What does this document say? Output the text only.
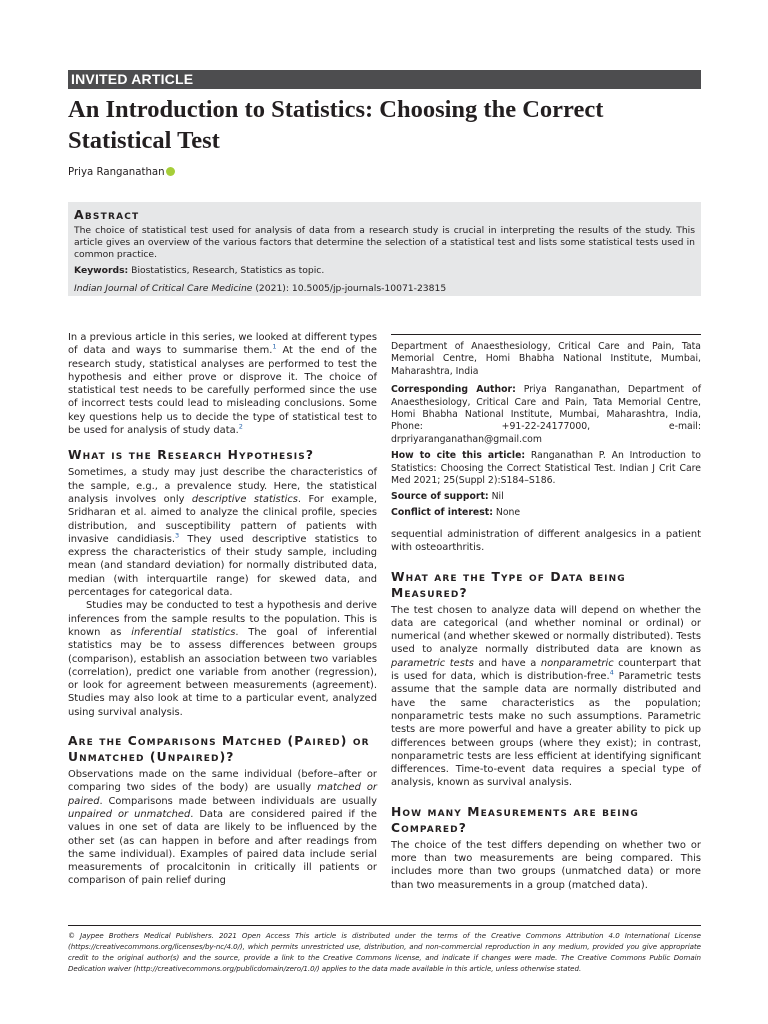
INVITED ARTICLE
An Introduction to Statistics: Choosing the Correct Statistical Test
Priya Ranganathan
Abstract
The choice of statistical test used for analysis of data from a research study is crucial in interpreting the results of the study. This article gives an overview of the various factors that determine the selection of a statistical test and lists some statistical tests used in common practice.
Keywords: Biostatistics, Research, Statistics as topic.
Indian Journal of Critical Care Medicine (2021): 10.5005/jp-journals-10071-23815

In a previous article in this series, we looked at different types of data and ways to summarise them.$^1$ At the end of the research study, statistical analyses are performed to test the hypothesis and either prove or disprove it. The choice of statistical test needs to be carefully performed since the use of incorrect tests could lead to misleading conclusions. Some key questions help us to decide the type of statistical test to be used for analysis of study data.$^2$

What is the Research Hypothesis?

Sometimes, a study may just describe the characteristics of the sample, e.g., a prevalence study. Here, the statistical analysis involves only descriptive statistics. For example, Sridharan et al. aimed to analyze the clinical profile, species distribution, and susceptibility pattern of patients with invasive candidiasis.$^3$ They used descriptive statistics to express the characteristics of their study sample, including mean (and standard deviation) for normally distributed data, median (with interquartile range) for skewed data, and percentages for categorical data.

Studies may be conducted to test a hypothesis and derive inferences from the sample results to the population. This is known as inferential statistics. The goal of inferential statistics may be to assess differences between groups (comparison), establish an association between two variables (correlation), predict one variable from another (regression), or look for agreement between measurements (agreement). Studies may also look at time to a particular event, analyzed using survival analysis.

Are the Comparisons Matched (Paired) or Unmatched (Unpaired)?

Observations made on the same individual (before–after or comparing two sides of the body) are usually matched or paired. Comparisons made between individuals are usually unpaired or unmatched. Data are considered paired if the values in one set of data are likely to be influenced by the other set (as can happen in before and after readings from the same individual). Examples of paired data include serial measurements of procalcitonin in critically ill patients or comparison of pain relief during

Department of Anaesthesiology, Critical Care and Pain, Tata Memorial Centre, Homi Bhabha National Institute, Mumbai, Maharashtra, India

Corresponding Author: Priya Ranganathan, Department of Anaesthesiology, Critical Care and Pain, Tata Memorial Centre, Homi Bhabha National Institute, Mumbai, Maharashtra, India, Phone: +91-22-24177000, e-mail: drpriyaranganathan@gmail.com

How to cite this article: Ranganathan P. An Introduction to Statistics: Choosing the Correct Statistical Test. Indian J Crit Care Med 2021; 25(Suppl 2):S184–S186.

Source of support: Nil

Conflict of interest: None

sequential administration of different analgesics in a patient with osteoarthritis.

What are the Type of Data being Measured?

The test chosen to analyze data will depend on whether the data are categorical (and whether nominal or ordinal) or numerical (and whether skewed or normally distributed). Tests used to analyze normally distributed data are known as parametric tests and have a nonparametric counterpart that is used for data, which is distribution-free.$^4$ Parametric tests assume that the sample data are normally distributed and have the same characteristics as the population; nonparametric tests make no such assumptions. Parametric tests are more powerful and have a greater ability to pick up differences between groups (where they exist); in contrast, nonparametric tests are less efficient at identifying significant differences. Time-to-event data requires a special type of analysis, known as survival analysis.

How many Measurements are being Compared?

The choice of the test differs depending on whether two or more than two measurements are being compared. This includes more than two groups (unmatched data) or more than two measurements in a group (matched data).

© Jaypee Brothers Medical Publishers. 2021 Open Access This article is distributed under the terms of the Creative Commons Attribution 4.0 International License (https://creativecommons.org/licenses/by-nc/4.0/), which permits unrestricted use, distribution, and non-commercial reproduction in any medium, provided you give appropriate credit to the original author(s) and the source, provide a link to the Creative Commons license, and indicate if changes were made. The Creative Commons Public Domain Dedication waiver (http://creativecommons.org/publicdomain/zero/1.0/) applies to the data made available in this article, unless otherwise stated.
